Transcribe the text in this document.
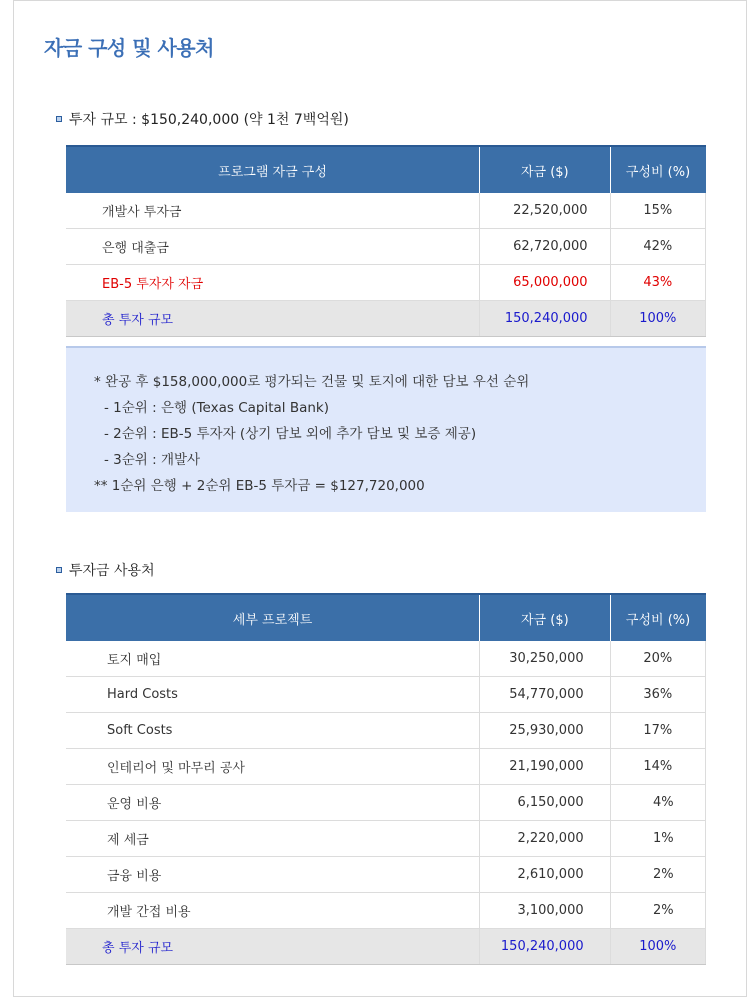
자금 구성 및 사용처
투자 규모 : $150,240,000 (약 1천 7백억원)
프로그램 자금 구성	자금 ($)	구성비 (%)
개발사 투자금	22,520,000	15%
은행 대출금	62,720,000	42%
EB-5 투자자 자금	65,000,000	43%
총 투자 규모	150,240,000	100%
* 완공 후 $158,000,000로 평가되는 건물 및 토지에 대한 담보 우선 순위
- 1순위 : 은행 (Texas Capital Bank)
- 2순위 : EB-5 투자자 (상기 담보 외에 추가 담보 및 보증 제공)
- 3순위 : 개발사
** 1순위 은행 + 2순위 EB-5 투자금 = $127,720,000
투자금 사용처
세부 프로젝트	자금 ($)	구성비 (%)
토지 매입	30,250,000	20%
Hard Costs	54,770,000	36%
Soft Costs	25,930,000	17%
인테리어 및 마무리 공사	21,190,000	14%
운영 비용	6,150,000	4%
제 세금	2,220,000	1%
금융 비용	2,610,000	2%
개발 간접 비용	3,100,000	2%
총 투자 규모	150,240,000	100%
